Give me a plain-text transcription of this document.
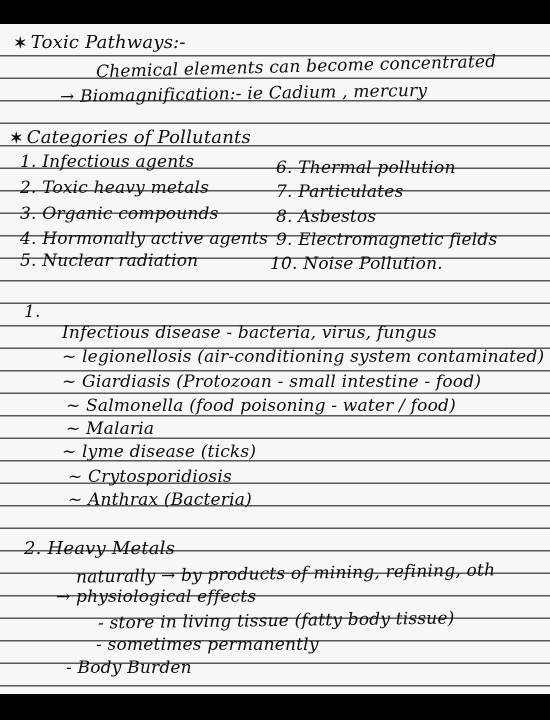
✶ Toxic Pathways:-
Chemical elements can become concentrated
→ Biomagnification:- ie Cadium , mercury
✶ Categories of Pollutants
1. Infectious agents
2. Toxic heavy metals
3. Organic compounds
4. Hormonally active agents
5. Nuclear radiation
6. Thermal pollution
7. Particulates
8. Asbestos
9. Electromagnetic fields
10. Noise Pollution.
1.
Infectious disease - bacteria, virus, fungus
~ legionellosis (air-conditioning system contaminated)
~ Giardiasis (Protozoan - small intestine - food)
~ Salmonella (food poisoning - water / food)
~ Malaria
~ lyme disease (ticks)
~ Crytosporidiosis
~ Anthrax (Bacteria)
2. Heavy Metals
naturally → by products of mining, refining, oth
→ physiological effects
- store in living tissue (fatty body tissue)
- sometimes permanently
- Body Burden
